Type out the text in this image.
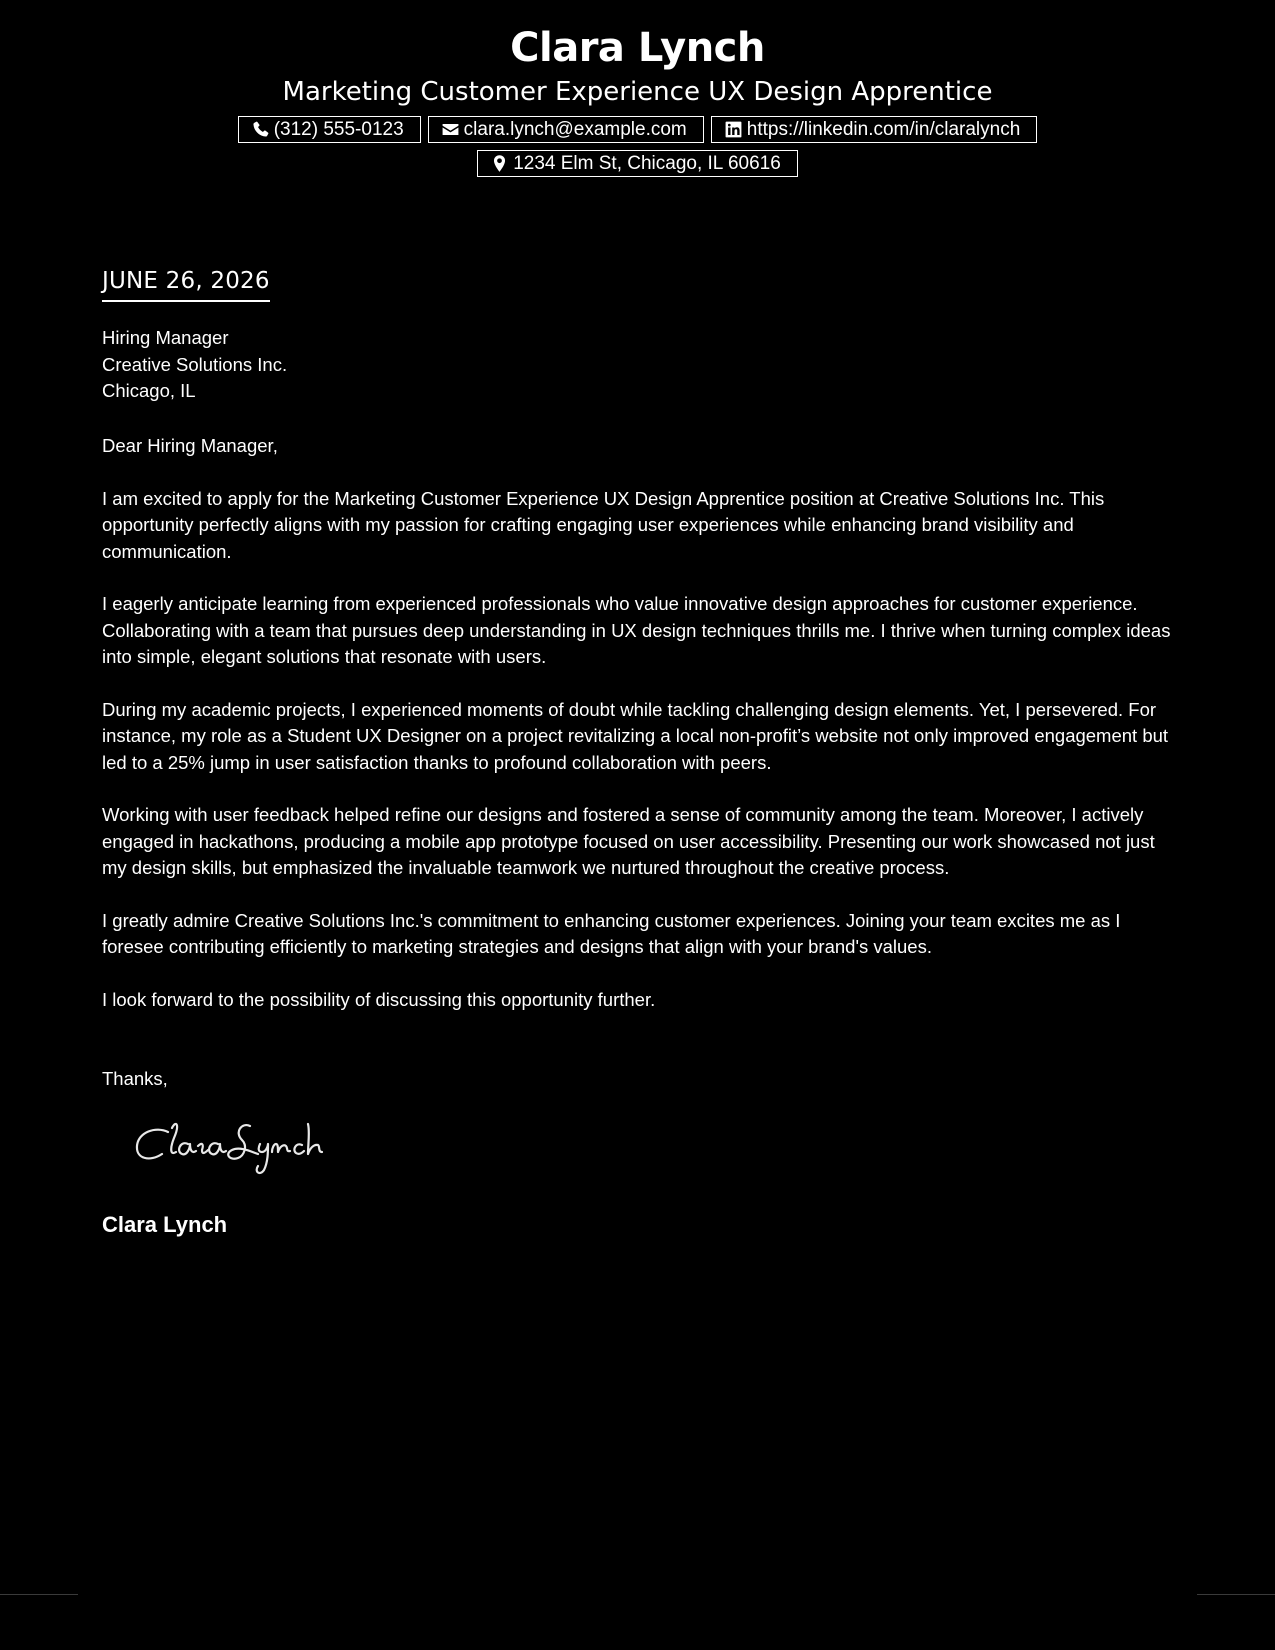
Clara Lynch
Marketing Customer Experience UX Design Apprentice
(312) 555-0123	clara.lynch@example.com	https://linkedin.com/in/claralynch
1234 Elm St, Chicago, IL 60616
JUNE 26, 2026
Hiring Manager
Creative Solutions Inc.
Chicago, IL

Dear Hiring Manager,

I am excited to apply for the Marketing Customer Experience UX Design Apprentice position at Creative Solutions Inc. This opportunity perfectly aligns with my passion for crafting engaging user experiences while enhancing brand visibility and communication.

I eagerly anticipate learning from experienced professionals who value innovative design approaches for customer experience. Collaborating with a team that pursues deep understanding in UX design techniques thrills me. I thrive when turning complex ideas into simple, elegant solutions that resonate with users.

During my academic projects, I experienced moments of doubt while tackling challenging design elements. Yet, I persevered. For instance, my role as a Student UX Designer on a project revitalizing a local non-profit’s website not only improved engagement but led to a 25% jump in user satisfaction thanks to profound collaboration with peers.

Working with user feedback helped refine our designs and fostered a sense of community among the team. Moreover, I actively engaged in hackathons, producing a mobile app prototype focused on user accessibility. Presenting our work showcased not just my design skills, but emphasized the invaluable teamwork we nurtured throughout the creative process.

I greatly admire Creative Solutions Inc.'s commitment to enhancing customer experiences. Joining your team excites me as I foresee contributing efficiently to marketing strategies and designs that align with your brand's values.

I look forward to the possibility of discussing this opportunity further.

Thanks,
Clara Lynch
